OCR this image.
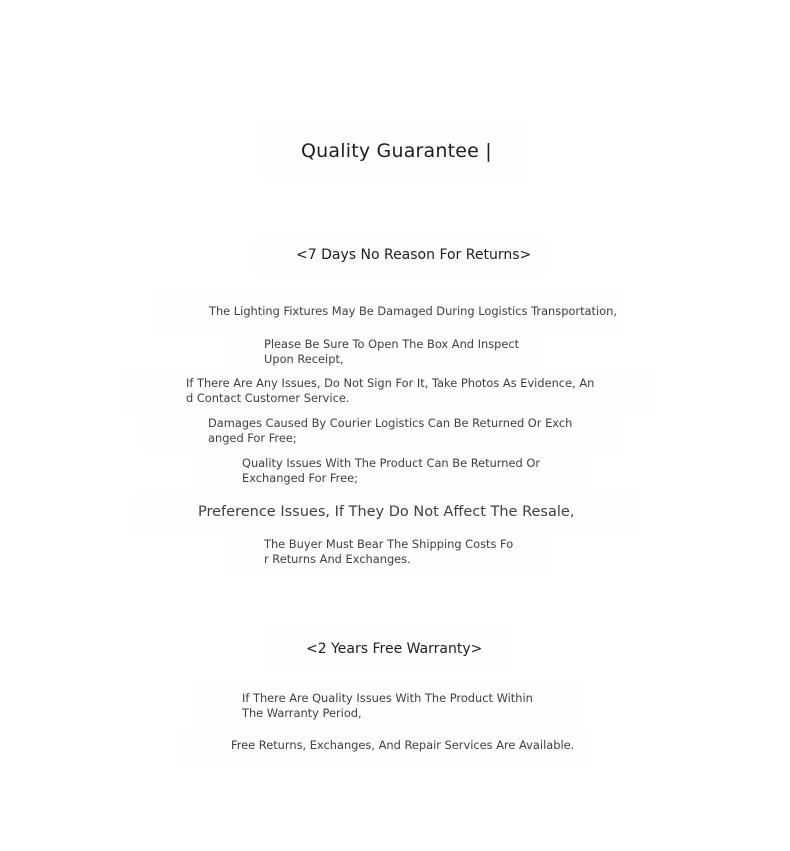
Quality Guarantee |
<7 Days No Reason For Returns>
The Lighting Fixtures May Be Damaged During Logistics Transportation,
Please Be Sure To Open The Box And Inspect
Upon Receipt,
If There Are Any Issues, Do Not Sign For It, Take Photos As Evidence, An
d Contact Customer Service.
Damages Caused By Courier Logistics Can Be Returned Or Exch
anged For Free;
Quality Issues With The Product Can Be Returned Or
Exchanged For Free;
Preference Issues, If They Do Not Affect The Resale,
The Buyer Must Bear The Shipping Costs Fo
r Returns And Exchanges.
<2 Years Free Warranty>
If There Are Quality Issues With The Product Within
The Warranty Period,
Free Returns, Exchanges, And Repair Services Are Available.
